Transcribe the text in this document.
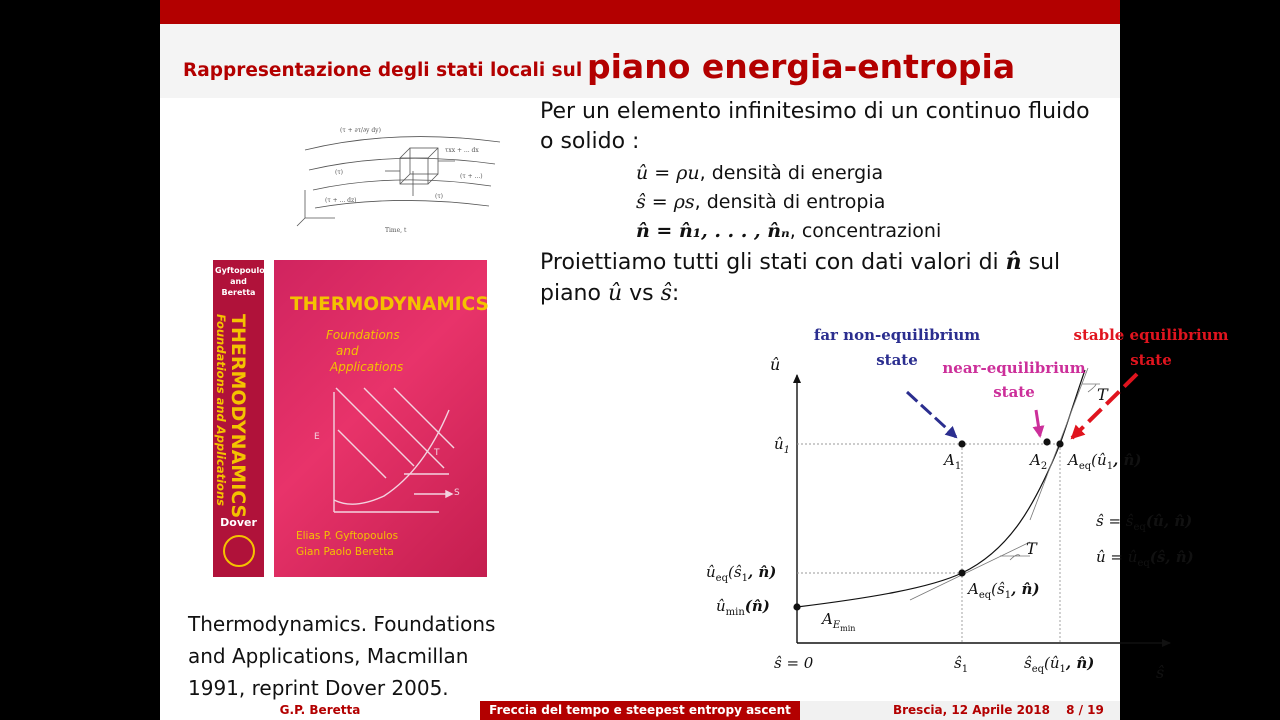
Rappresentazione degli stati locali sul piano energia-entropia
(τ + ∂τ/∂y dy)
τxx + ... dx
(τ)
(τ + ...)
(τ + ... dz)
(τ)
Time, t
Gyftopoulos
and
Beretta
THERMODYNAMICS
Foundations and Applications
Dover
THERMODYNAMICS
Foundations
and
Applications
E
T
S
Elias P. Gyftopoulos
Gian Paolo Beretta
Thermodynamics. Foundations
and Applications, Macmillan
1991, reprint Dover 2005.
Per un elemento infinitesimo di un continuo fluido
o solido :
û = ρu, densità di energia
ŝ = ρs, densità di entropia
n̂ = n̂₁, . . . , n̂ₙ, concentrazioni
Proiettiamo tutti gli stati con dati valori di n̂ sul
piano û vs ŝ:
û
ŝ
$û_1$
$û_{eq}(ŝ_1$, n̂)
$û_{min}(n̂)$
ŝ = 0	$ŝ_1$	$ŝ_{eq}(û_1$, n̂)
far non-equilibrium
state near-equilibrium
state
stable equilibrium
state
$A_1$	$A_2$ $A_{eq}(û_1$, n̂)
$A_{eq}(ŝ_1$, n̂)
$A_{Emin}$
T
T
ŝ = $ŝ_{eq}(û$, n̂)
û = $û_{eq}(ŝ$, n̂)
G.P. Beretta	Freccia del tempo e steepest entropy ascent	Brescia, 12 Aprile 2018	8 / 19
